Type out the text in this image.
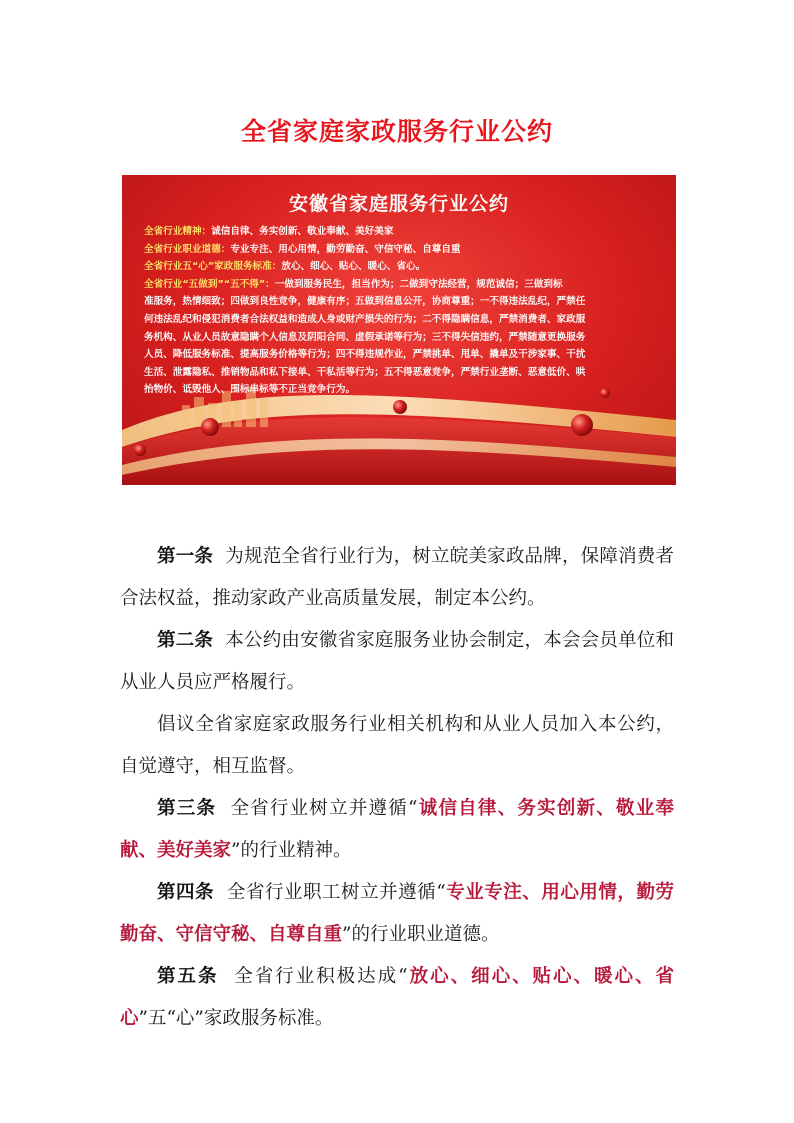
全省家庭家政服务行业公约
安徽省家庭服务行业公约
全省行业精神：诚信自律、务实创新、敬业奉献、美好美家
全省行业职业道德：专业专注、用心用情，勤劳勤奋、守信守秘、自尊自重
全省行业五“心”家政服务标准：放心、细心、贴心、暖心、省心。
全省行业“五做到”“五不得”：一做到服务民生，担当作为；二做到守法经营，规范诚信；三做到标
准服务，热情细致；四做到良性竞争，健康有序；五做到信息公开，协商尊重；一不得违法乱纪，严禁任
何违法乱纪和侵犯消费者合法权益和造成人身或财产损失的行为；二不得隐瞒信息，严禁消费者、家政服
务机构、从业人员故意隐瞒个人信息及阴阳合同、虚假承诺等行为；三不得失信违约，严禁随意更换服务
人员、降低服务标准、提高服务价格等行为；四不得违规作业，严禁挑单、甩单、撬单及干涉家事、干扰
生活、泄露隐私、推销物品和私下接单、干私活等行为；五不得恶意竞争，严禁行业垄断、恶意低价、哄
抬物价、诋毁他人、围标串标等不正当竞争行为。

第一条 为规范全省行业行为，树立皖美家政品牌，保障消费者合法权益，推动家政产业高质量发展，制定本公约。

第二条 本公约由安徽省家庭服务业协会制定，本会会员单位和从业人员应严格履行。

倡议全省家庭家政服务行业相关机构和从业人员加入本公约，自觉遵守，相互监督。

第三条 全省行业树立并遵循“诚信自律、务实创新、敬业奉献、美好美家”的行业精神。

第四条 全省行业职工树立并遵循“专业专注、用心用情，勤劳勤奋、守信守秘、自尊自重”的行业职业道德。

第五条 全省行业积极达成“放心、细心、贴心、暖心、省心”五“心”家政服务标准。
